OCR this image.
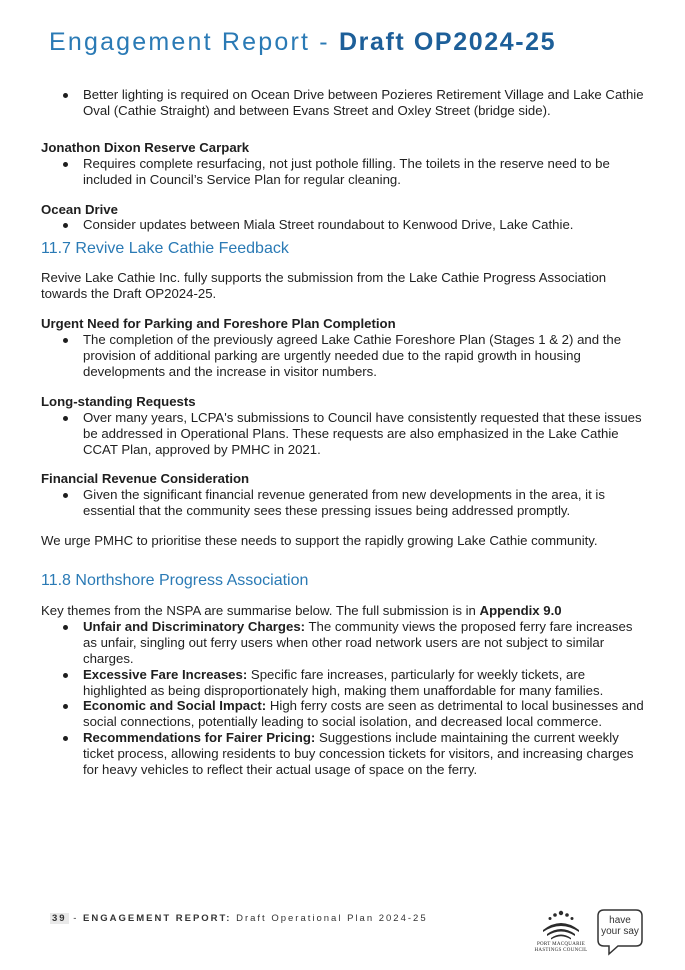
Engagement Report - Draft OP2024-25
Better lighting is required on Ocean Drive between Pozieres Retirement Village and Lake Cathie Oval (Cathie Straight) and between Evans Street and Oxley Street (bridge side).

Jonathon Dixon Reserve Carpark

Requires complete resurfacing, not just pothole filling. The toilets in the reserve need to be included in Council’s Service Plan for regular cleaning.

Ocean Drive

Consider updates between Miala Street roundabout to Kenwood Drive, Lake Cathie.
11.7 Revive Lake Cathie Feedback

Revive Lake Cathie Inc. fully supports the submission from the Lake Cathie Progress Association towards the Draft OP2024-25.

Urgent Need for Parking and Foreshore Plan Completion

The completion of the previously agreed Lake Cathie Foreshore Plan (Stages 1 & 2) and the provision of additional parking are urgently needed due to the rapid growth in housing developments and the increase in visitor numbers.

Long-standing Requests

Over many years, LCPA's submissions to Council have consistently requested that these issues be addressed in Operational Plans. These requests are also emphasized in the Lake Cathie CCAT Plan, approved by PMHC in 2021.

Financial Revenue Consideration

Given the significant financial revenue generated from new developments in the area, it is essential that the community sees these pressing issues being addressed promptly.

We urge PMHC to prioritise these needs to support the rapidly growing Lake Cathie community.

11.8 Northshore Progress Association

Key themes from the NSPA are summarise below. The full submission is in Appendix 9.0

Unfair and Discriminatory Charges: The community views the proposed ferry fare increases as unfair, singling out ferry users when other road network users are not subject to similar charges.
Excessive Fare Increases: Specific fare increases, particularly for weekly tickets, are highlighted as being disproportionately high, making them unaffordable for many families.
Economic and Social Impact: High ferry costs are seen as detrimental to local businesses and social connections, potentially leading to social isolation, and decreased local commerce.
Recommendations for Fairer Pricing: Suggestions include maintaining the current weekly ticket process, allowing residents to buy concession tickets for visitors, and increasing charges for heavy vehicles to reflect their actual usage of space on the ferry.
39 - ENGAGEMENT REPORT: Draft Operational Plan 2024-25
PORT MACQUARIE
HASTINGS COUNCIL
have
your say
